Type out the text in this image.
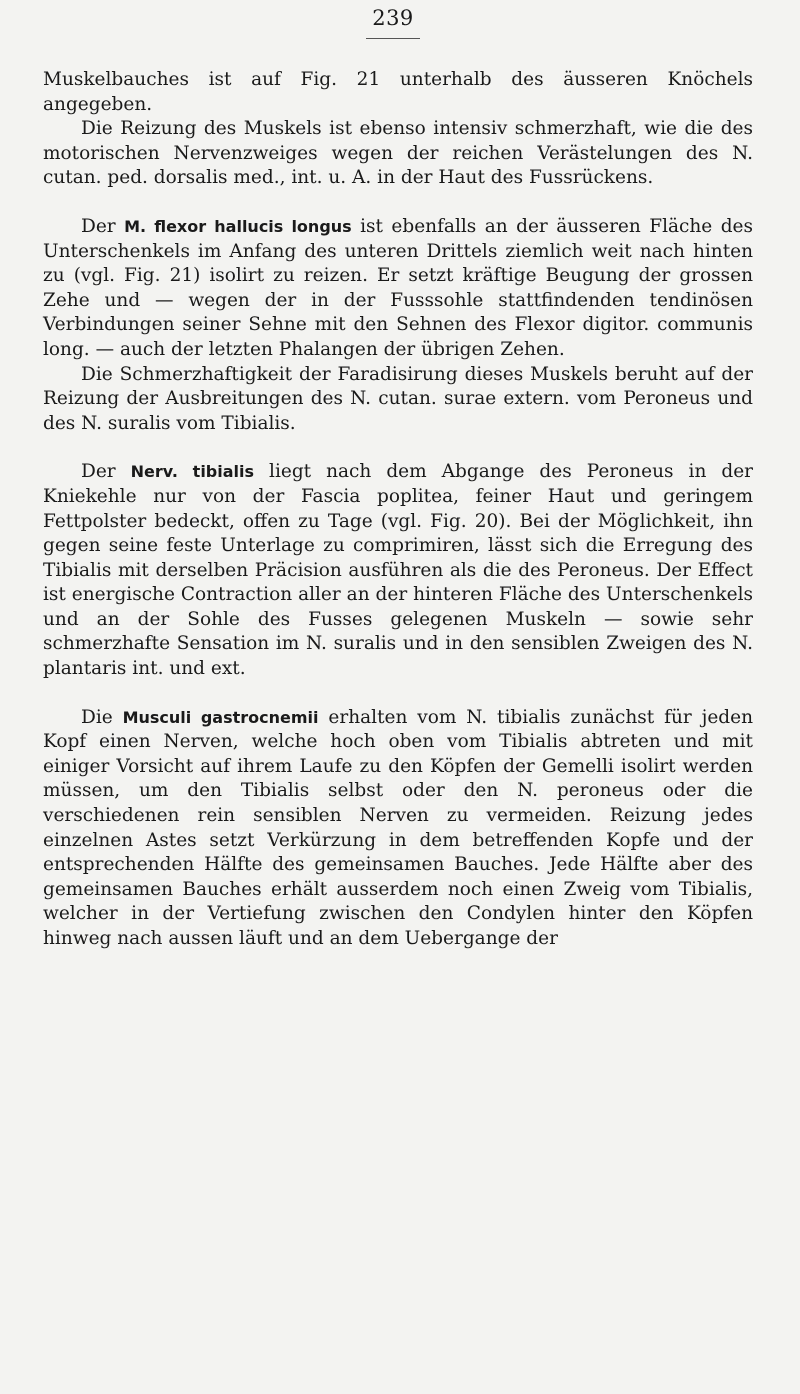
239

Muskelbauches ist auf Fig. 21 unterhalb des äusseren Knöchels angegeben.

Die Reizung des Muskels ist ebenso intensiv schmerzhaft, wie die des motorischen Nervenzweiges wegen der reichen Verästelungen des N. cutan. ped. dorsalis med., int. u. A. in der Haut des Fussrückens.

Der M. flexor hallucis longus ist ebenfalls an der äusseren Fläche des Unterschenkels im Anfang des unteren Drittels ziemlich weit nach hinten zu (vgl. Fig. 21) isolirt zu reizen. Er setzt kräftige Beugung der grossen Zehe und — wegen der in der Fusssohle stattfindenden tendinösen Verbindungen seiner Sehne mit den Sehnen des Flexor digitor. communis long. — auch der letzten Phalangen der übrigen Zehen.

Die Schmerzhaftigkeit der Faradisirung dieses Muskels beruht auf der Reizung der Ausbreitungen des N. cutan. surae extern. vom Peroneus und des N. suralis vom Tibialis.

Der Nerv. tibialis liegt nach dem Abgange des Peroneus in der Kniekehle nur von der Fascia poplitea, feiner Haut und geringem Fettpolster bedeckt, offen zu Tage (vgl. Fig. 20). Bei der Möglichkeit, ihn gegen seine feste Unterlage zu comprimiren, lässt sich die Erregung des Tibialis mit derselben Präcision ausführen als die des Peroneus. Der Effect ist energische Contraction aller an der hinteren Fläche des Unterschenkels und an der Sohle des Fusses gelegenen Muskeln — sowie sehr schmerzhafte Sensation im N. suralis und in den sensiblen Zweigen des N. plantaris int. und ext.

Die Musculi gastrocnemii erhalten vom N. tibialis zunächst für jeden Kopf einen Nerven, welche hoch oben vom Tibialis abtreten und mit einiger Vorsicht auf ihrem Laufe zu den Köpfen der Gemelli isolirt werden müssen, um den Tibialis selbst oder den N. peroneus oder die verschiedenen rein sensiblen Nerven zu vermeiden. Reizung jedes einzelnen Astes setzt Verkürzung in dem betreffenden Kopfe und der entsprechenden Hälfte des gemeinsamen Bauches. Jede Hälfte aber des gemeinsamen Bauches erhält ausserdem noch einen Zweig vom Tibialis, welcher in der Vertiefung zwischen den Condylen hinter den Köpfen hinweg nach aussen läuft und an dem Uebergange der
